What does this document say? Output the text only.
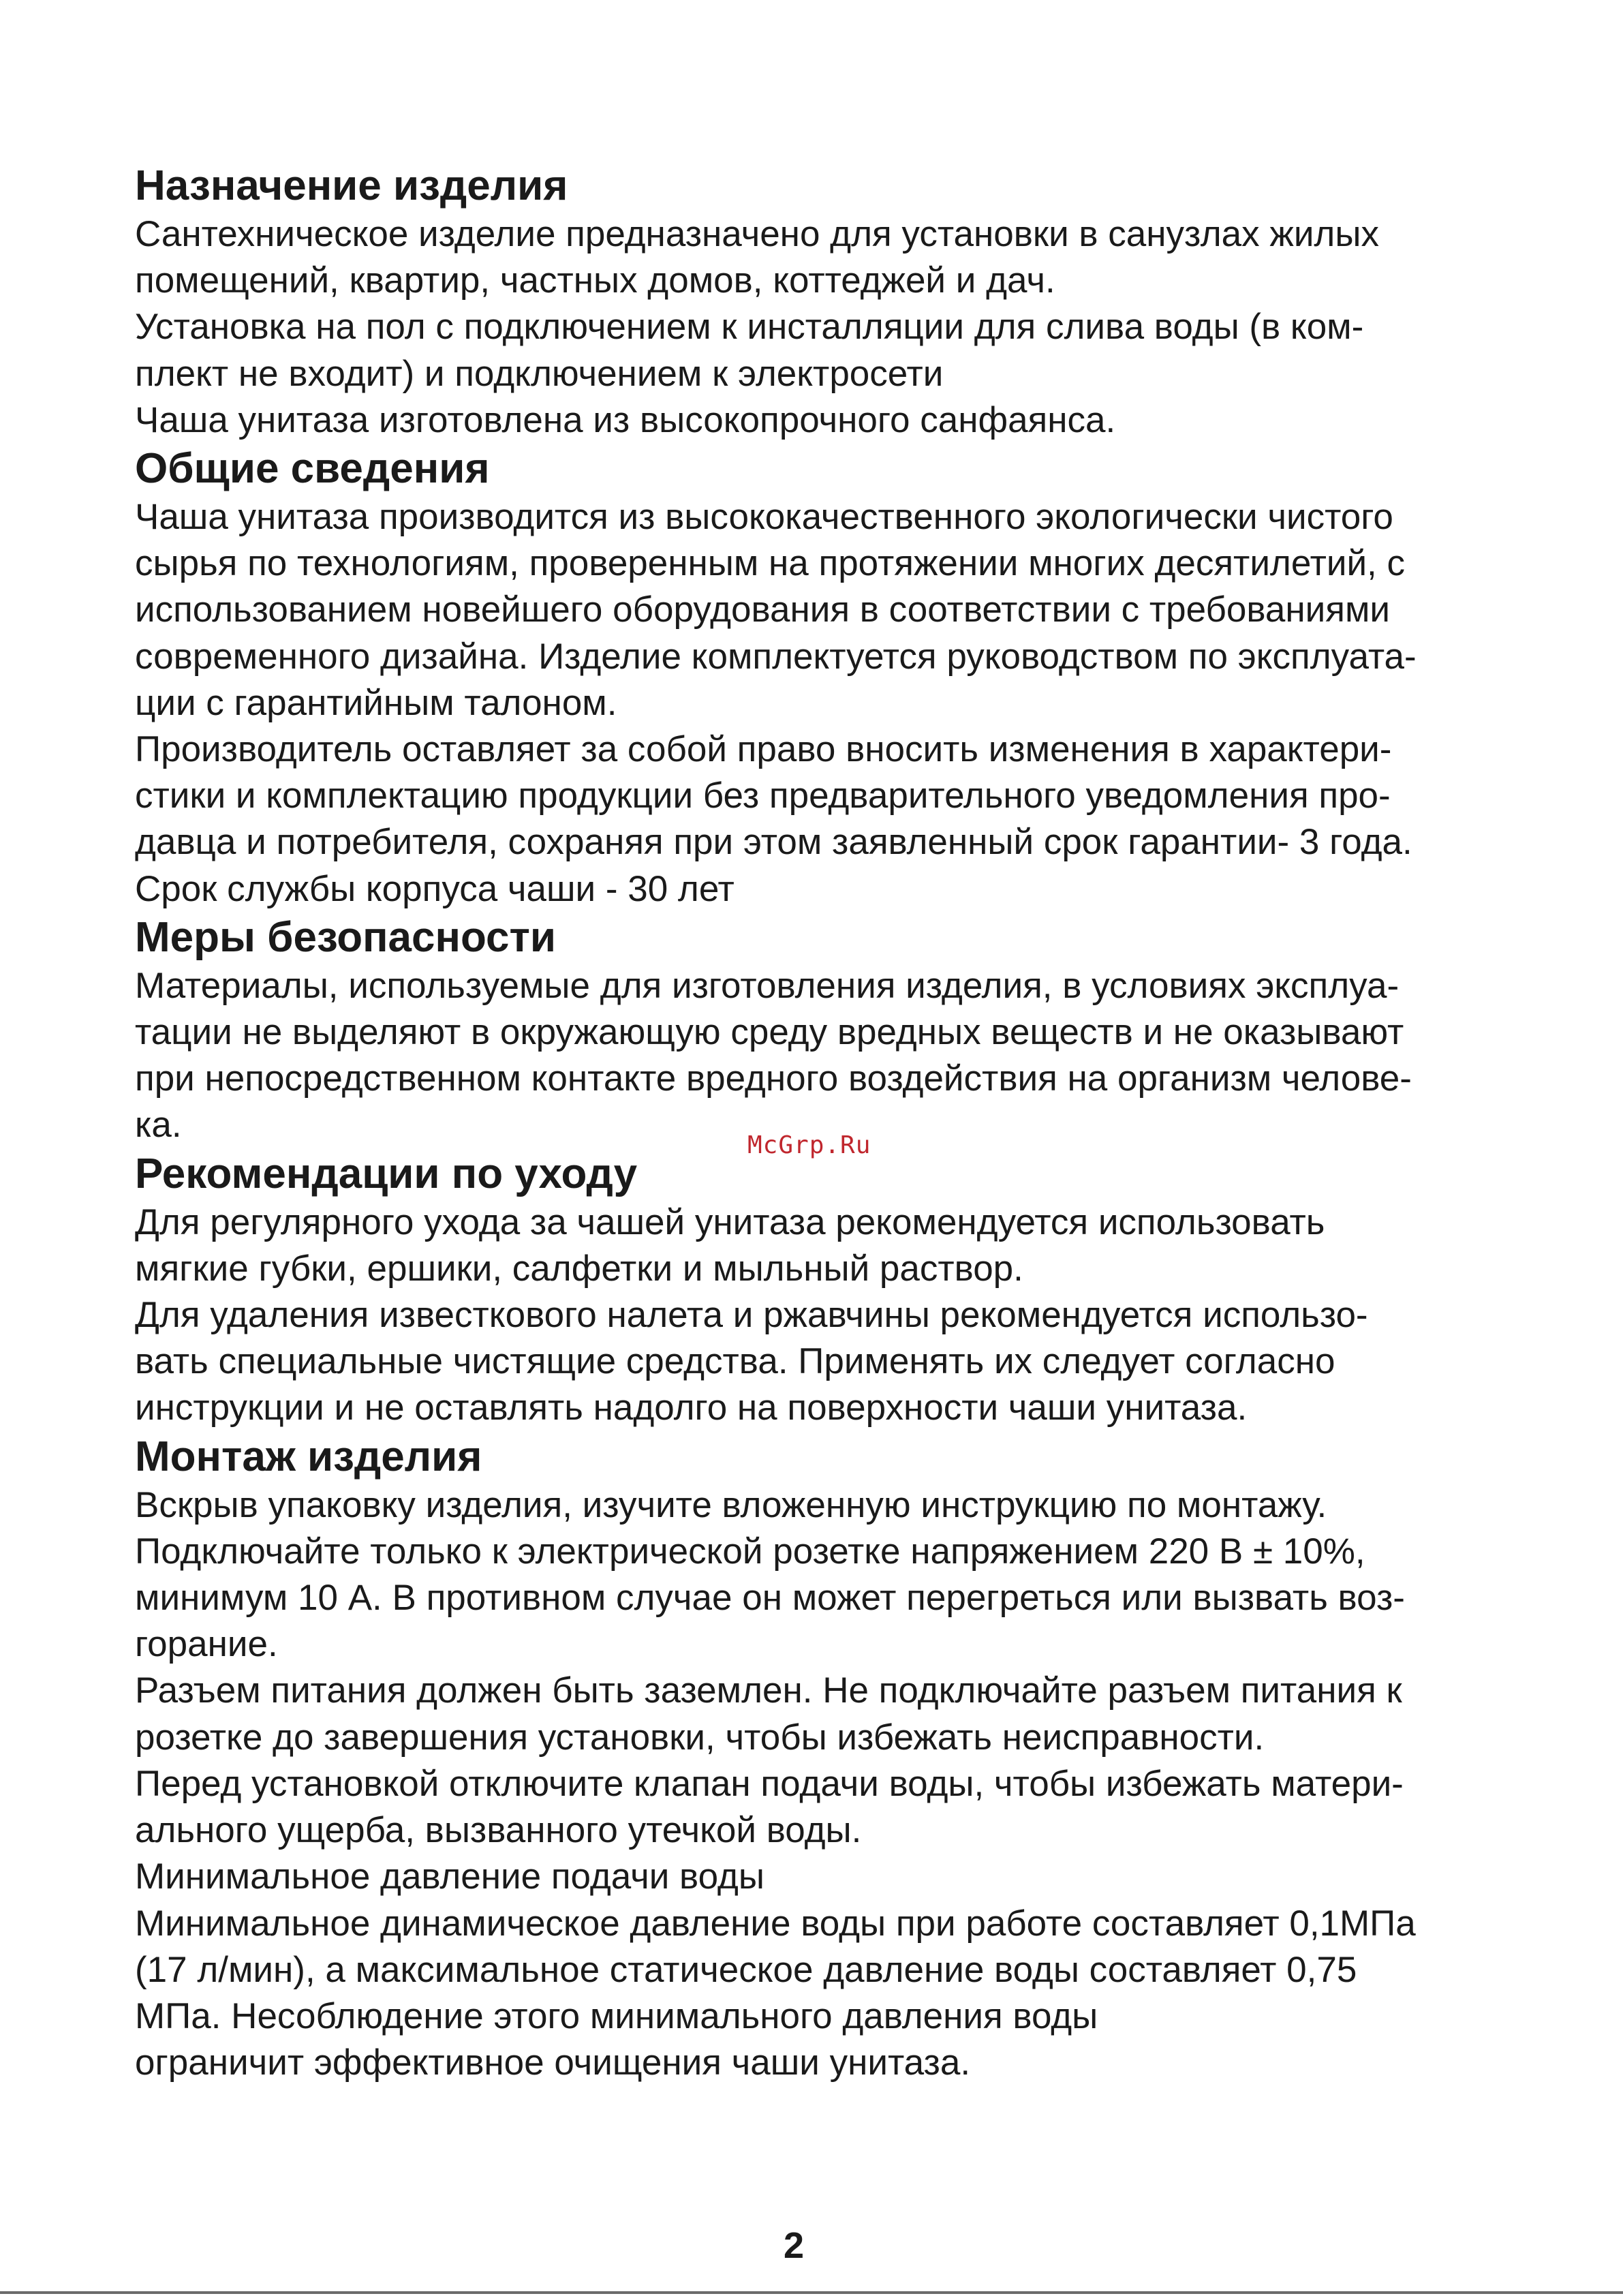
Назначение изделия

Сантехническое изделие предназначено для установки в санузлах жилых
помещений, квартир, частных домов, коттеджей и дач.

Установка на пол с подключением к инсталляции для слива воды (в ком-
плект не входит) и подключением к электросети

Чаша унитаза изготовлена из высокопрочного санфаянса.

Общие сведения

Чаша унитаза производится из высококачественного экологически чистого
сырья по технологиям, проверенным на протяжении многих десятилетий, с
использованием новейшего оборудования в соответствии с требованиями
современного дизайна. Изделие комплектуется руководством по эксплуата-
ции с гарантийным талоном.

Производитель оставляет за собой право вносить изменения в характери-
стики и комплектацию продукции без предварительного уведомления про-
давца и потребителя, сохраняя при этом заявленный срок гарантии- 3 года.

Срок службы корпуса чаши - 30 лет

Меры безопасности

Материалы, используемые для изготовления изделия, в условиях эксплуа-
тации не выделяют в окружающую среду вредных веществ и не оказывают
при непосредственном контакте вредного воздействия на организм челове-
ка.

Рекомендации по уходу

Для регулярного ухода за чашей унитаза рекомендуется использовать
мягкие губки, ершики, салфетки и мыльный раствор.

Для удаления известкового налета и ржавчины рекомендуется использо-
вать специальные чистящие средства. Применять их следует согласно
инструкции и не оставлять надолго на поверхности чаши унитаза.

Монтаж изделия

Вскрыв упаковку изделия, изучите вложенную инструкцию по монтажу.

Подключайте только к электрической розетке напряжением 220 В ± 10%,
минимум 10 А. В противном случае он может перегреться или вызвать воз-
горание.

Разъем питания должен быть заземлен. Не подключайте разъем питания к
розетке до завершения установки, чтобы избежать неисправности.

Перед установкой отключите клапан подачи воды, чтобы избежать матери-
ального ущерба, вызванного утечкой воды.

Минимальное давление подачи воды

Минимальное динамическое давление воды при работе составляет 0,1МПа
(17 л/мин), а максимальное статическое давление воды составляет 0,75
МПа. Несоблюдение этого минимального давления воды
ограничит эффективное очищения чаши унитаза.

McGrp.Ru
2
